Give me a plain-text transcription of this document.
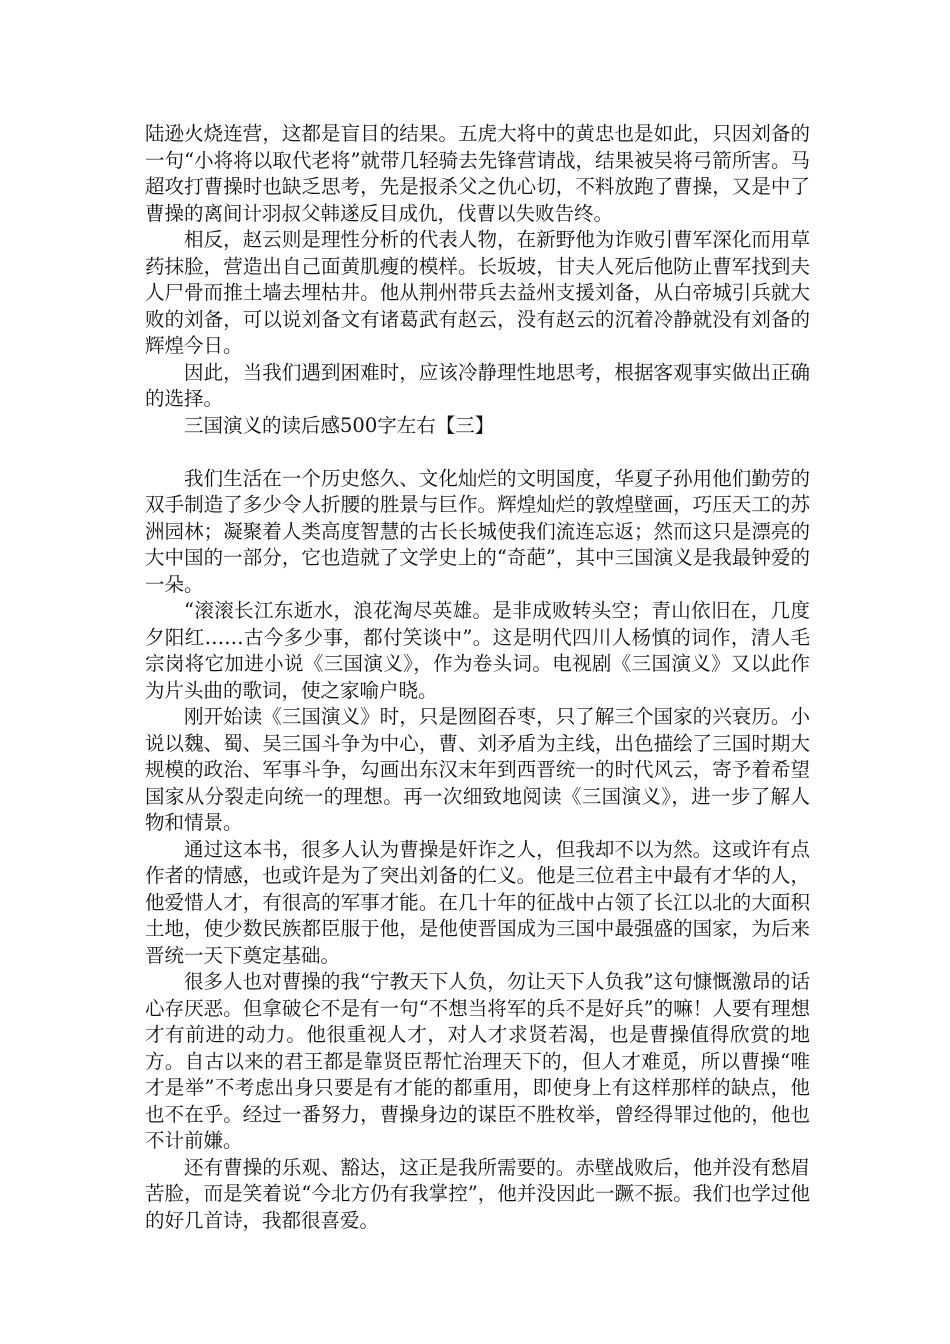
陆逊火烧连营，这都是盲目的结果。五虎大将中的黄忠也是如此，只因刘备的一句“小将将以取代老将”就带几轻骑去先锋营请战，结果被吴将弓箭所害。马超攻打曹操时也缺乏思考，先是报杀父之仇心切，不料放跑了曹操，又是中了曹操的离间计羽叔父韩遂反目成仇，伐曹以失败告终。

相反，赵云则是理性分析的代表人物，在新野他为诈败引曹军深化而用草药抹脸，营造出自己面黄肌瘦的模样。长坂坡，甘夫人死后他防止曹军找到夫人尸骨而推土墙去埋枯井。他从荆州带兵去益州支援刘备，从白帝城引兵就大败的刘备，可以说刘备文有诸葛武有赵云，没有赵云的沉着冷静就没有刘备的辉煌今日。

因此，当我们遇到困难时，应该冷静理性地思考，根据客观事实做出正确的选择。

三国演义的读后感500字左右【三】

我们生活在一个历史悠久、文化灿烂的文明国度，华夏子孙用他们勤劳的双手制造了多少令人折腰的胜景与巨作。辉煌灿烂的敦煌壁画，巧压天工的苏洲园林；凝聚着人类高度智慧的古长长城使我们流连忘返；然而这只是漂亮的大中国的一部分，它也造就了文学史上的“奇葩”，其中三国演义是我最钟爱的一朵。

“滚滚长江东逝水，浪花淘尽英雄。是非成败转头空；青山依旧在，几度夕阳红……古今多少事，都付笑谈中”。这是明代四川人杨慎的词作，清人毛宗岗将它加进小说《三国演义》，作为卷头词。电视剧《三国演义》又以此作为片头曲的歌词，使之家喻户晓。

刚开始读《三国演义》时，只是囫囵吞枣，只了解三个国家的兴衰历。小说以魏、蜀、吴三国斗争为中心，曹、刘矛盾为主线，出色描绘了三国时期大规模的政治、军事斗争，勾画出东汉末年到西晋统一的时代风云，寄予着希望国家从分裂走向统一的理想。再一次细致地阅读《三国演义》，进一步了解人物和情景。

通过这本书，很多人认为曹操是奸诈之人，但我却不以为然。这或许有点作者的情感，也或许是为了突出刘备的仁义。他是三位君主中最有才华的人，他爱惜人才，有很高的军事才能。在几十年的征战中占领了长江以北的大面积土地，使少数民族都臣服于他，是他使晋国成为三国中最强盛的国家，为后来晋统一天下奠定基础。

很多人也对曹操的我“宁教天下人负，勿让天下人负我”这句慷慨激昂的话心存厌恶。但拿破仑不是有一句“不想当将军的兵不是好兵”的嘛！人要有理想才有前进的动力。他很重视人才，对人才求贤若渴，也是曹操值得欣赏的地方。自古以来的君王都是靠贤臣帮忙治理天下的，但人才难觅，所以曹操“唯才是举”不考虑出身只要是有才能的都重用，即使身上有这样那样的缺点，他也不在乎。经过一番努力，曹操身边的谋臣不胜枚举，曾经得罪过他的，他也不计前嫌。

还有曹操的乐观、豁达，这正是我所需要的。赤壁战败后，他并没有愁眉苦脸，而是笑着说“今北方仍有我掌控”，他并没因此一蹶不振。我们也学过他的好几首诗，我都很喜爱。
